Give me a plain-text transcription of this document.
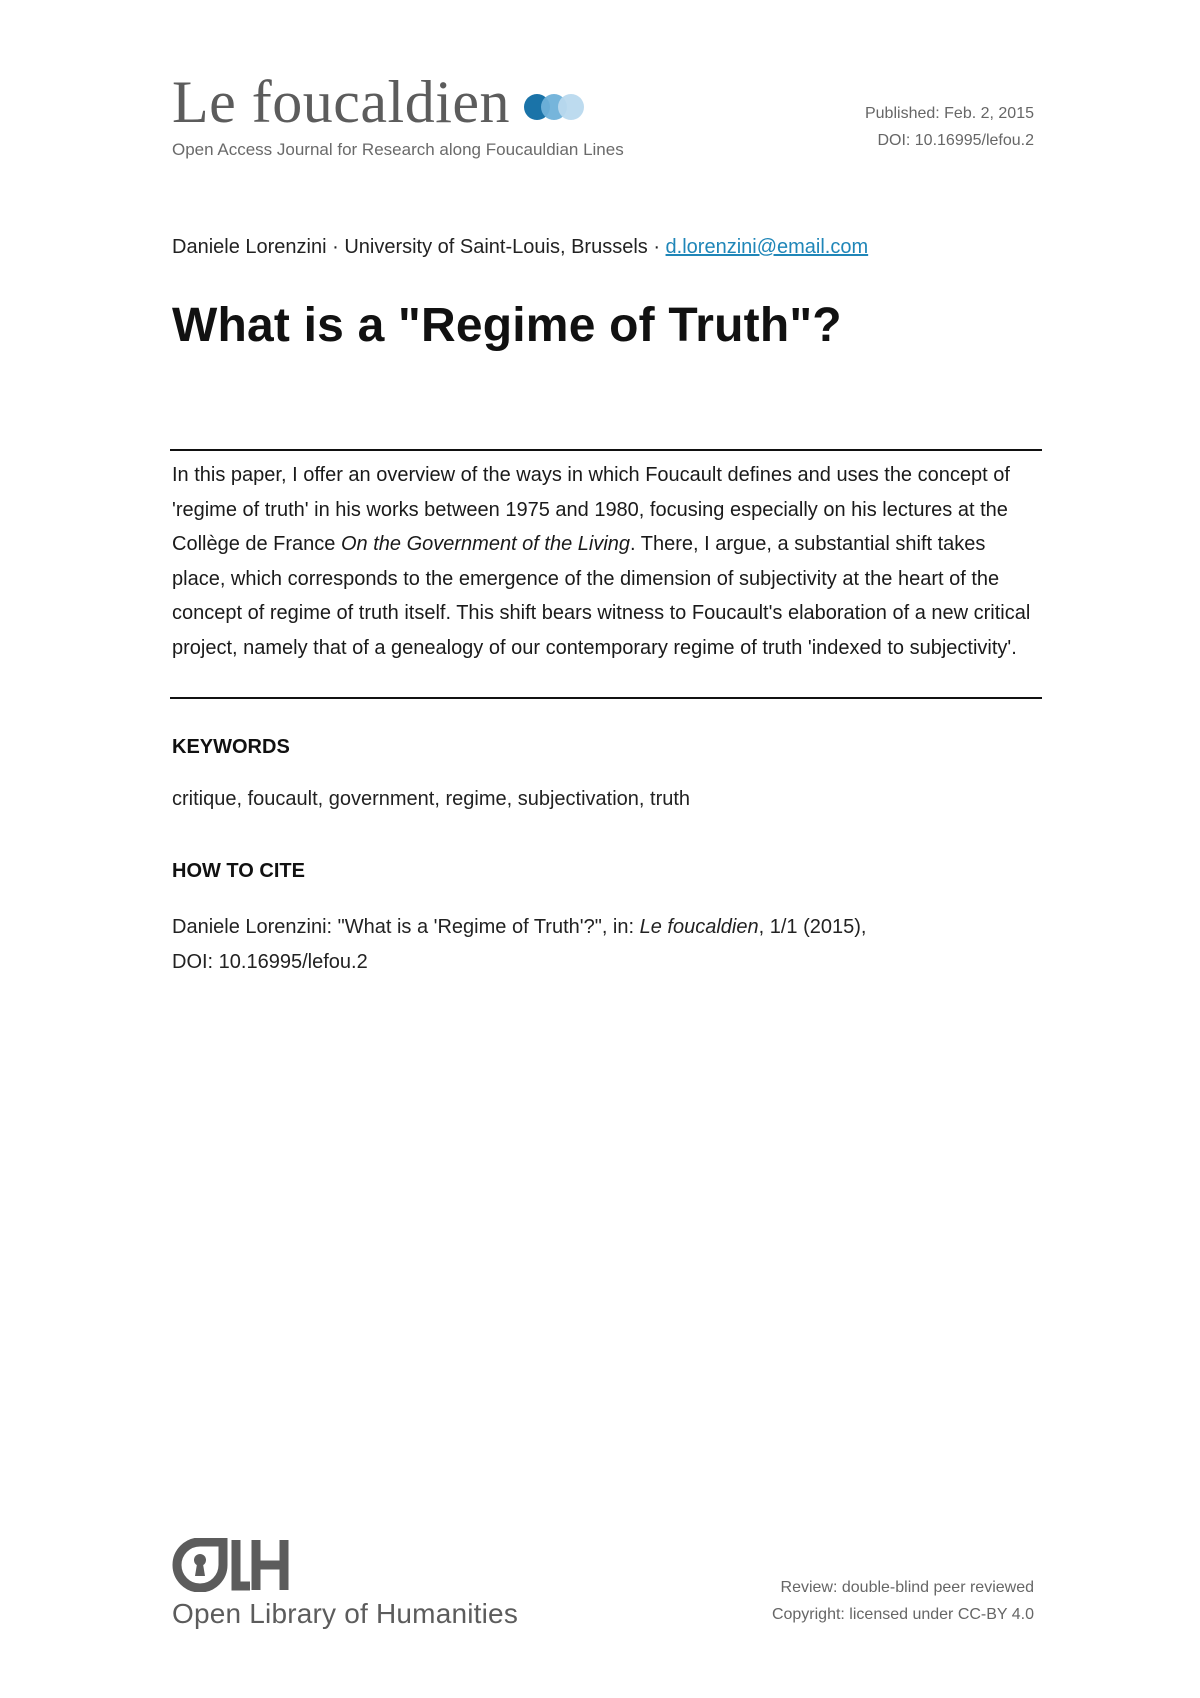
Le foucaldien
Open Access Journal for Research along Foucauldian Lines
Published: Feb. 2, 2015
DOI: 10.16995/lefou.2
Daniele Lorenzini · University of Saint-Louis, Brussels · d.lorenzini@email.com
What is a "Regime of Truth"?

In this paper, I offer an overview of the ways in which Foucault defines and uses the concept of 'regime of truth' in his works between 1975 and 1980, focusing especially on his lectures at the Collège de France On the Government of the Living. There, I argue, a substantial shift takes place, which corresponds to the emergence of the dimension of subjectivity at the heart of the concept of regime of truth itself. This shift bears witness to Foucault's elaboration of a new critical project, namely that of a genealogy of our contemporary regime of truth 'indexed to subjectivity'.

KEYWORDS
critique, foucault, government, regime, subjectivation, truth
HOW TO CITE
Daniele Lorenzini: "What is a 'Regime of Truth'?", in: Le foucaldien, 1/1 (2015),
DOI: 10.16995/lefou.2
Open Library of Humanities
Review: double-blind peer reviewed
Copyright: licensed under CC-BY 4.0
